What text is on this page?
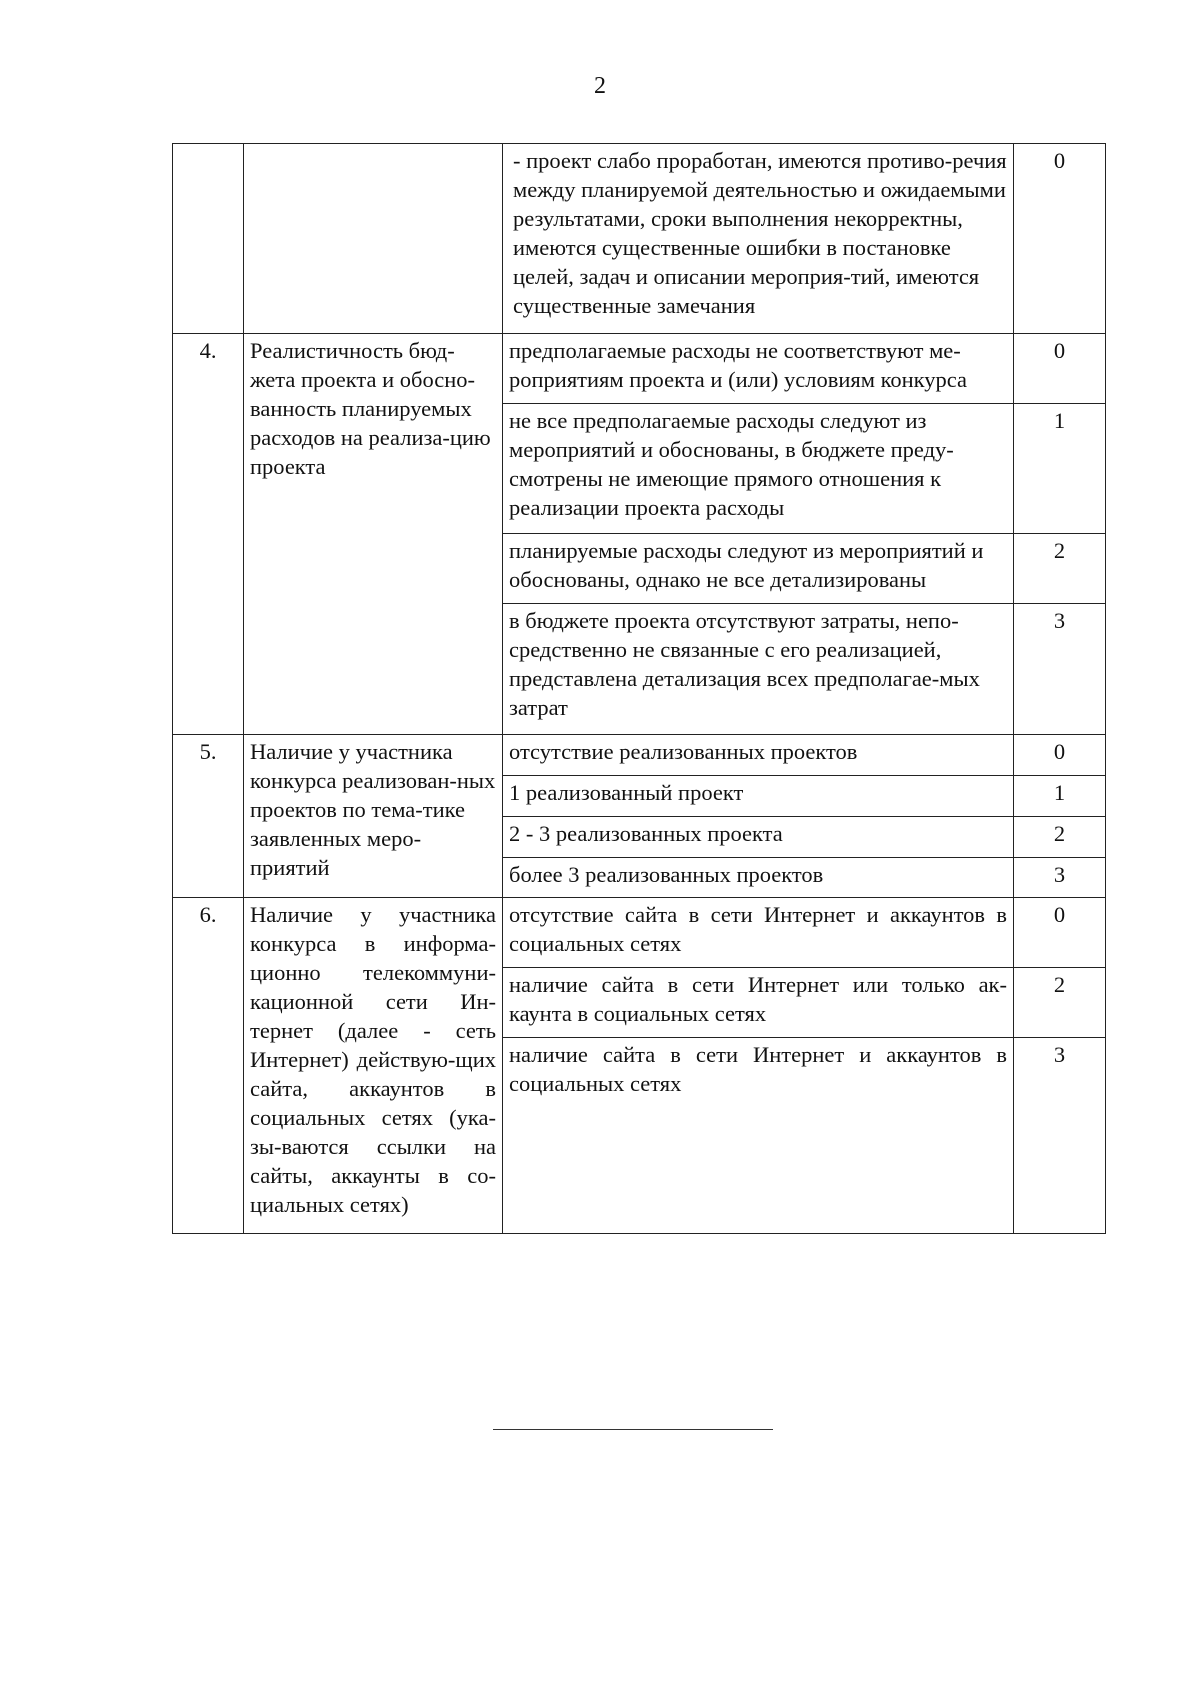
2
		- проект слабо проработан, имеются противо-речия между планируемой деятельностью и ожидаемыми результатами, сроки выполнения некорректны, имеются существенные ошибки в постановке целей, задач и описании мероприя-тий, имеются существенные замечания	0
4.	Реалистичность бюд-жета проекта и обосно-ванность планируемых расходов на реализа-цию проекта	предполагаемые расходы не соответствуют ме-роприятиям проекта и (или) условиям конкурса	0
		не все предполагаемые расходы следуют из мероприятий и обоснованы, в бюджете преду-смотрены не имеющие прямого отношения к реализации проекта расходы	1
		планируемые расходы следуют из мероприятий и обоснованы, однако не все детализированы	2
		в бюджете проекта отсутствуют затраты, непо-средственно не связанные с его реализацией, представлена детализация всех предполагае-мых затрат	3
5.	Наличие у участника конкурса реализован-ных проектов по тема-тике заявленных меро-приятий	отсутствие реализованных проектов	0
		1 реализованный проект	1
		2 - 3 реализованных проекта	2
		более 3 реализованных проектов	3
6.	Наличие у участника конкурса в информа-ционно телекоммуни-кационной сети Ин-тернет (далее - сеть Интернет) действую-щих сайта, аккаунтов в социальных сетях (ука-зы-ваются ссылки на сайты, аккаунты в со-циальных сетях)	отсутствие сайта в сети Интернет и аккаунтов в социальных сетях	0
		наличие сайта в сети Интернет или только ак-каунта в социальных сетях	2
		наличие сайта в сети Интернет и аккаунтов в социальных сетях	3
